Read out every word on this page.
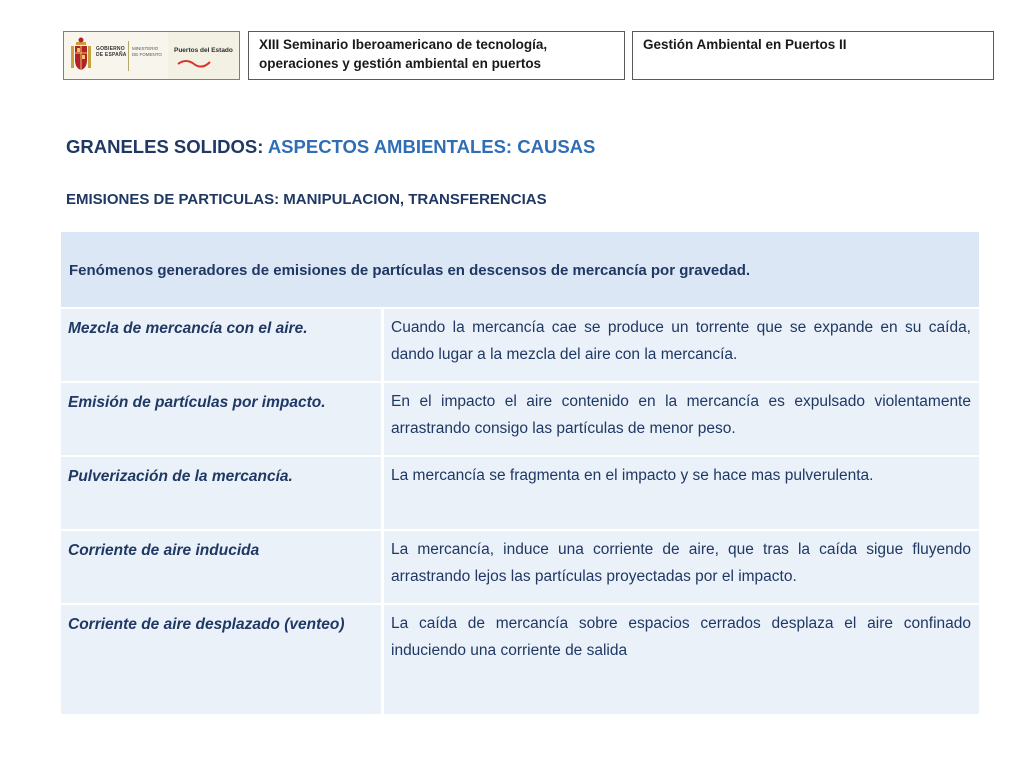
GOBIERNO
DE ESPAÑA
MINISTERIO
DE FOMENTO Puertos del Estado	XIII Seminario Iberoamericano de tecnología, operaciones y gestión ambiental en puertos
Gestión Ambiental en Puertos II
GRANELES SOLIDOS: ASPECTOS AMBIENTALES: CAUSAS
EMISIONES DE PARTICULAS: MANIPULACION, TRANSFERENCIAS
Fenómenos generadores de emisiones de partículas en descensos de mercancía por gravedad.
Mezcla de mercancía con el aire.	Cuando la mercancía cae se produce un torrente que se expande en su caída, dando lugar a la mezcla del aire con la mercancía.
Emisión de partículas por impacto.	En el impacto el aire contenido en la mercancía es expulsado violentamente arrastrando consigo las partículas de menor peso.
Pulverización de la mercancía.	La mercancía se fragmenta en el impacto y se hace mas pulverulenta.
Corriente de aire inducida	La mercancía, induce una corriente de aire, que tras la caída sigue fluyendo arrastrando lejos las partículas proyectadas por el impacto.
Corriente de aire desplazado (venteo)	La caída de mercancía sobre espacios cerrados desplaza el aire confinado induciendo una corriente de salida
